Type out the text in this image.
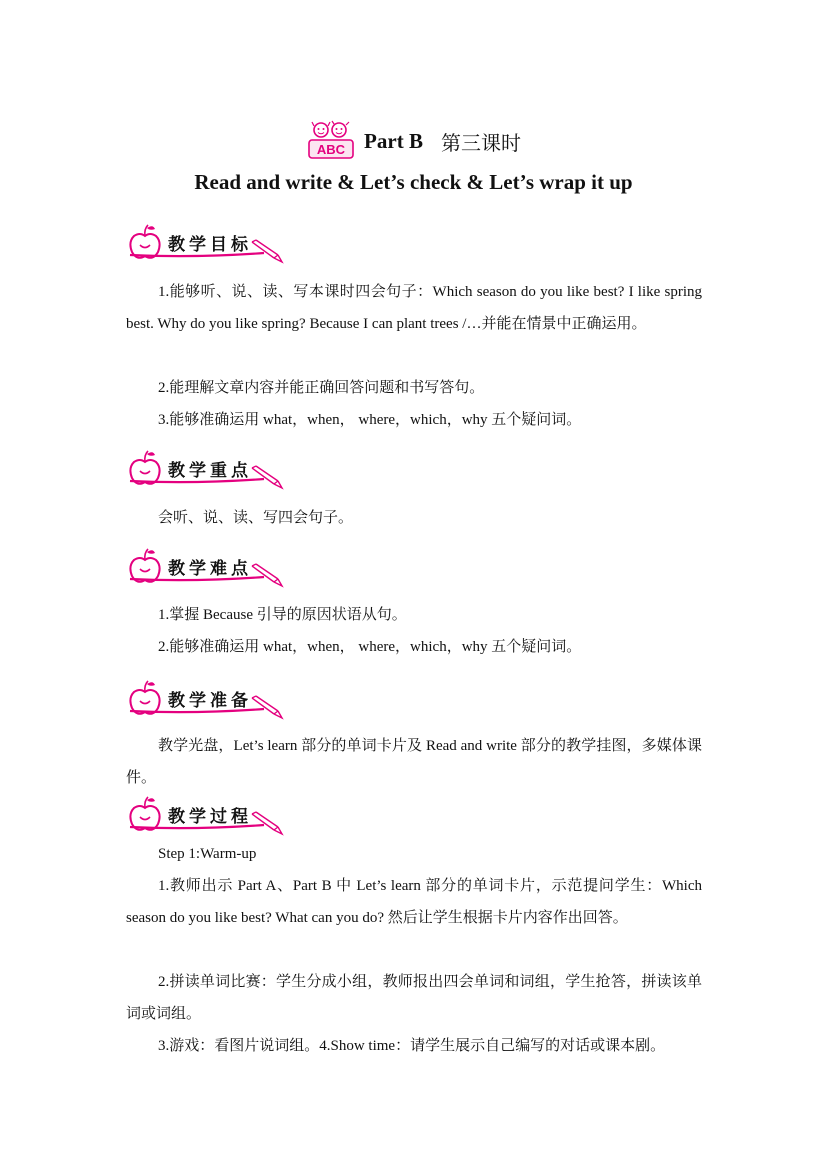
ABC Part B 第三课时
Read and write & Let’s check & Let’s wrap it up
教学目标
1.能够听、说、读、写本课时四会句子：Which season do you like best? I like spring best. Why do you like spring? Because I can plant trees /…并能在情景中正确运用。
2.能理解文章内容并能正确回答问题和书写答句。
3.能够准确运用 what，when， where，which，why 五个疑问词。
教学重点
会听、说、读、写四会句子。
教学难点
1.掌握 Because 引导的原因状语从句。
2.能够准确运用 what，when， where，which，why 五个疑问词。
教学准备
教学光盘，Let’s learn 部分的单词卡片及 Read and write 部分的教学挂图，多媒体课件。
教学过程
Step 1:Warm-up
1.教师出示 Part A、Part B 中 Let’s learn 部分的单词卡片，示范提问学生：Which season do you like best? What can you do? 然后让学生根据卡片内容作出回答。
2.拼读单词比赛：学生分成小组，教师报出四会单词和词组，学生抢答，拼读该单词或词组。
3.游戏：看图片说词组。4.Show time：请学生展示自己编写的对话或课本剧。
